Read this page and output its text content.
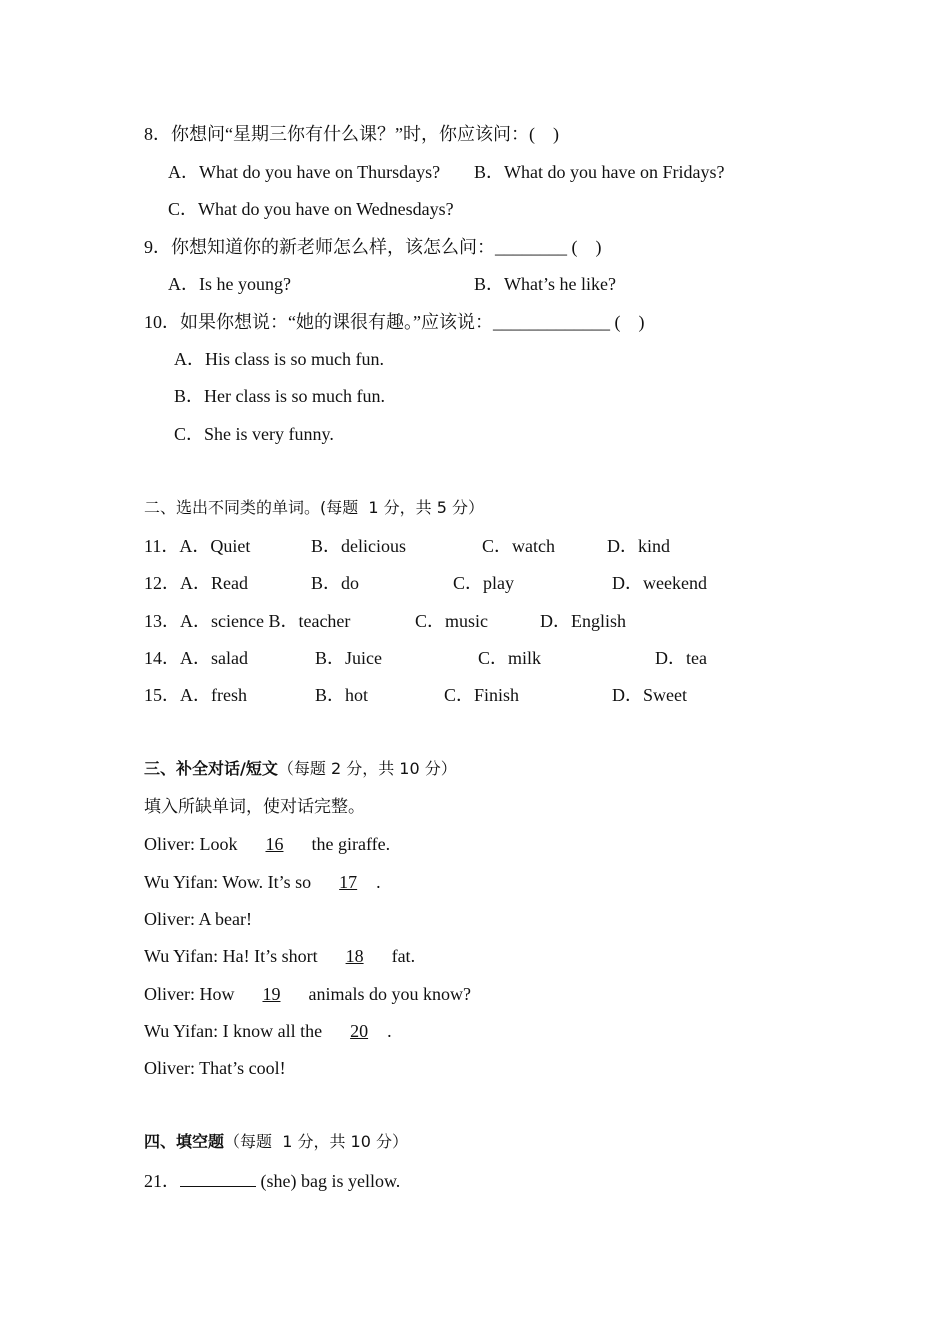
8．你想问“星期三你有什么课？”时，你应该问：(    )
A．What do you have on Thursdays? B．What do you have on Fridays?
C．What do you have on Wednesdays?
9．你想知道你的新老师怎么样，该怎么问：________ (    )
A．Is he young?	B．What’s he like?
10．如果你想说：“她的课很有趣。”应该说：_____________ (    )
A．His class is so much fun.
B．Her class is so much fun.
C．She is very funny.
二、选出不同类的单词。(每题  1 分，共 5 分）
11．A．Quiet	B．delicious	C．watch	D．kind
12．A．Read	B．do	C．play	D．weekend
13．A．science B．teacher	C．music	D．English
14．A．salad	B．Juice	C．milk	D．tea
15．A．fresh	B．hot	C．Finish	D．Sweet
三、补全对话/短文（每题 2 分，共 10 分）
填入所缺单词，使对话完整。
Oliver: Look  16  the giraffe.
Wu Yifan: Wow. It’s so  17 .
Oliver: A bear!
Wu Yifan: Ha! It’s short  18  fat.
Oliver: How  19  animals do you know?
Wu Yifan: I know all the  20 .
Oliver: That’s cool!
四、填空题（每题  1 分，共 10 分）
21．	(she) bag is yellow.
